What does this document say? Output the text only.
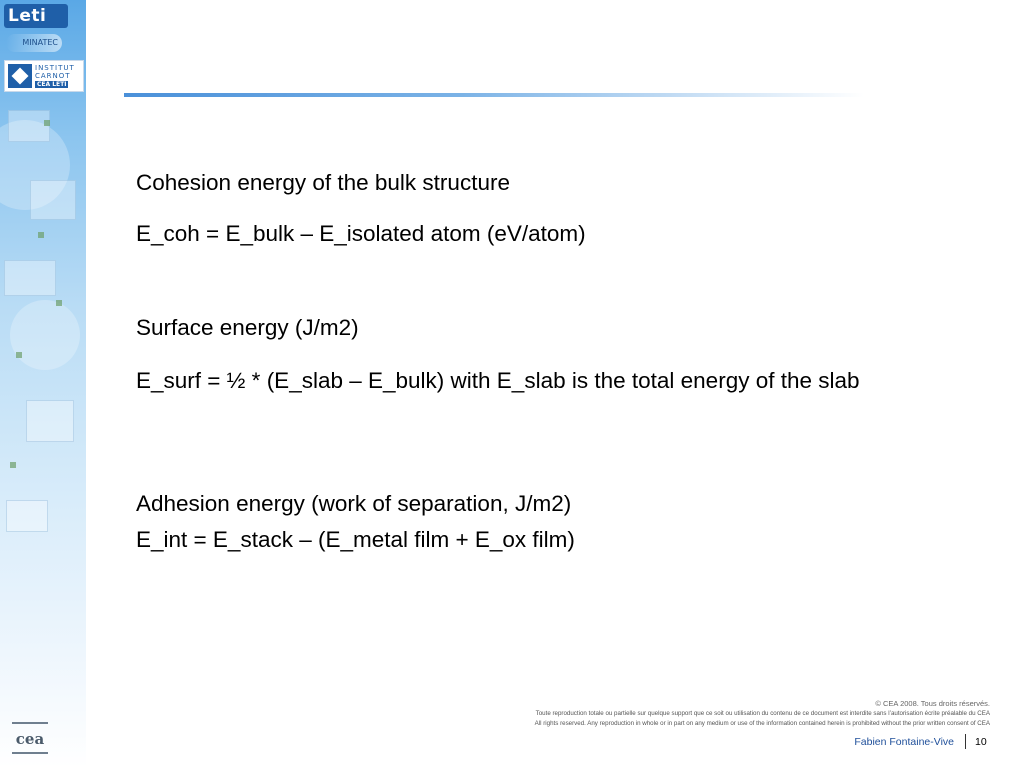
Leti
MINATEC
INSTITUT
CARNOT
CEA LETI
cea

Cohesion energy of the bulk structure

E_coh = E_bulk – E_isolated atom (eV/atom)

Surface energy (J/m2)

E_surf = ½ * (E_slab – E_bulk) with E_slab is the total energy of the slab

Adhesion energy (work of separation, J/m2)

E_int = E_stack – (E_metal film + E_ox film)

© CEA 2008. Tous droits réservés.
Toute reproduction totale ou partielle sur quelque support que ce soit ou utilisation du contenu de ce document est interdite sans l’autorisation écrite préalable du CEA
All rights reserved. Any reproduction in whole or in part on any medium or use of the information contained herein is prohibited without the prior written consent of CEA
Fabien Fontaine-Vive 10
